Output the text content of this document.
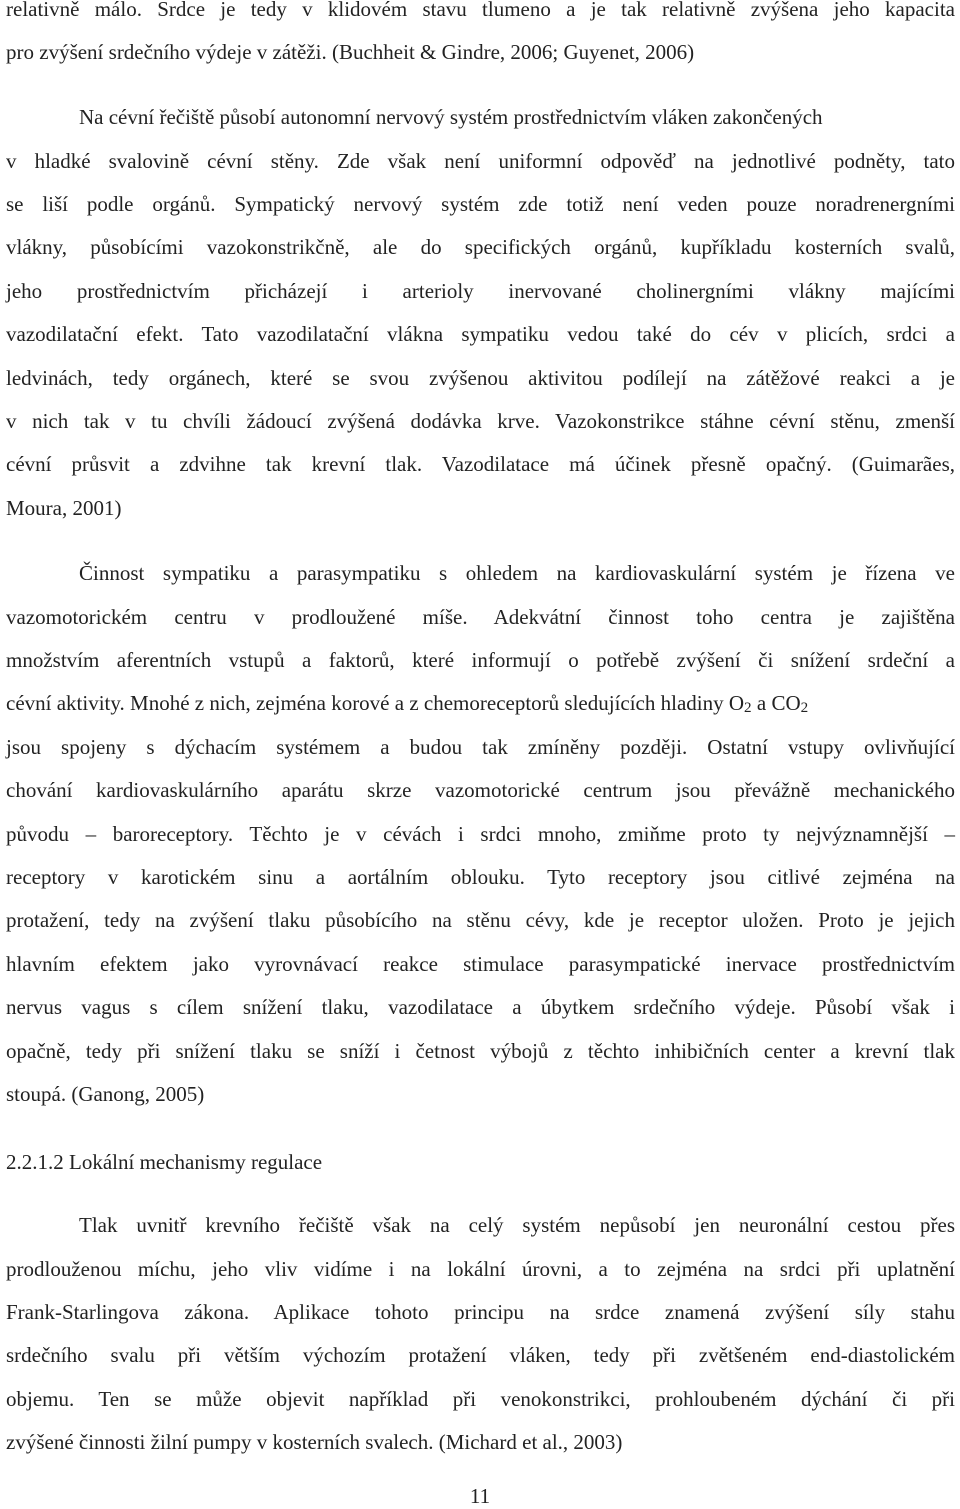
relativně málo. Srdce je tedy v klidovém stavu tlumeno a je tak relativně zvýšena jeho kapacita
pro zvýšení srdečního výdeje v zátěži. (Buchheit & Gindre, 2006; Guyenet, 2006)
Na cévní řečiště působí autonomní nervový systém prostřednictvím vláken zakončených
v hladké svalovině cévní stěny. Zde však není uniformní odpověď na jednotlivé podněty, tato
se liší podle orgánů. Sympatický nervový systém zde totiž není veden pouze noradrenergními
vlákny, působícími vazokonstrikčně, ale do specifických orgánů, kupříkladu kosterních svalů,
jeho prostřednictvím přicházejí i arterioly inervované cholinergními vlákny majícími
vazodilatační efekt. Tato vazodilatační vlákna sympatiku vedou také do cév v plicích, srdci a
ledvinách, tedy orgánech, které se svou zvýšenou aktivitou podílejí na zátěžové reakci a je
v nich tak v tu chvíli žádoucí zvýšená dodávka krve. Vazokonstrikce stáhne cévní stěnu, zmenší
cévní průsvit a zdvihne tak krevní tlak. Vazodilatace má účinek přesně opačný. (Guimarães,
Moura, 2001)
Činnost sympatiku a parasympatiku s ohledem na kardiovaskulární systém je řízena ve
vazomotorickém centru v prodloužené míše. Adekvátní činnost toho centra je zajištěna
množstvím aferentních vstupů a faktorů, které informují o potřebě zvýšení či snížení srdeční a
cévní aktivity. Mnohé z nich, zejména korové a z chemoreceptorů sledujících hladiny $O_2$ a $CO_2$
jsou spojeny s dýchacím systémem a budou tak zmíněny později. Ostatní vstupy ovlivňující
chování kardiovaskulárního aparátu skrze vazomotorické centrum jsou převážně mechanického
původu – baroreceptory. Těchto je v cévách i srdci mnoho, zmiňme proto ty nejvýznamnější –
receptory v karotickém sinu a aortálním oblouku. Tyto receptory jsou citlivé zejména na
protažení, tedy na zvýšení tlaku působícího na stěnu cévy, kde je receptor uložen. Proto je jejich
hlavním efektem jako vyrovnávací reakce stimulace parasympatické inervace prostřednictvím
nervus vagus s cílem snížení tlaku, vazodilatace a úbytkem srdečního výdeje. Působí však i
opačně, tedy při snížení tlaku se sníží i četnost výbojů z těchto inhibičních center a krevní tlak
stoupá. (Ganong, 2005)
2.2.1.2 Lokální mechanismy regulace
Tlak uvnitř krevního řečiště však na celý systém nepůsobí jen neuronální cestou přes
prodlouženou míchu, jeho vliv vidíme i na lokální úrovni, a to zejména na srdci při uplatnění
Frank-Starlingova zákona. Aplikace tohoto principu na srdce znamená zvýšení síly stahu
srdečního svalu při větším výchozím protažení vláken, tedy při zvětšeném end-diastolickém
objemu. Ten se může objevit například při venokonstrikci, prohloubeném dýchání či při
zvýšené činnosti žilní pumpy v kosterních svalech. (Michard et al., 2003)
11
